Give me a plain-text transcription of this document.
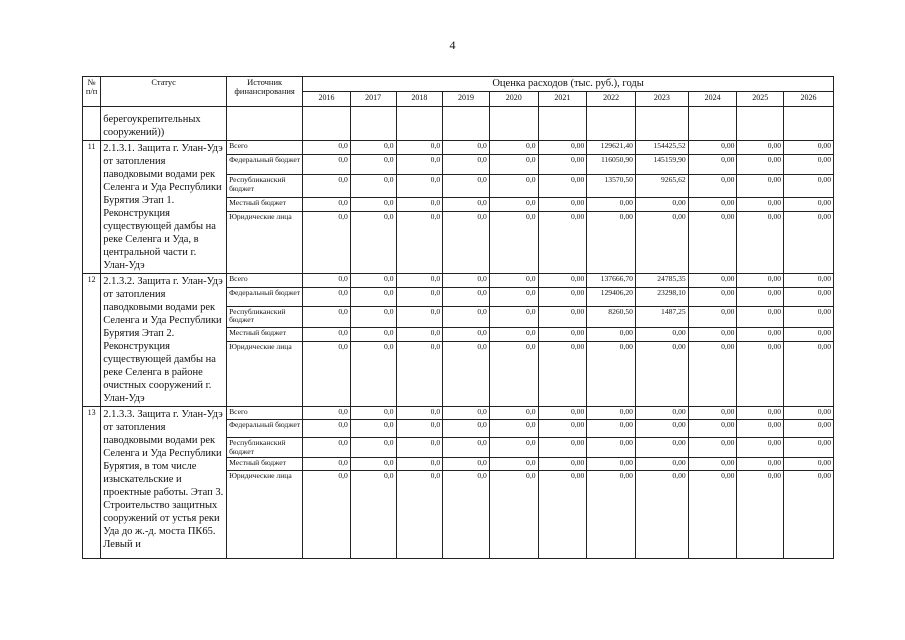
4
№ п/п	Статус	Источник финансирования	Оценка расходов (тыс. руб.), годы										
			2016	2017	2018	2019	2020	2021	2022	2023	2024	2025	2026
	берегоукрепительных сооружений))												
11	2.1.3.1. Защита г. Улан-Удэ от затопления паводковыми водами рек Селенга и Уда Республики Бурятия Этап 1. Реконструкция существующей дамбы на реке Селенга и Уда, в центральной части г. Улан-Удэ	Всего	0,0	0,0	0,0	0,0	0,0	0,00	129621,40	154425,52	0,00	0,00	0,00
		Федеральный бюджет	0,0	0,0	0,0	0,0	0,0	0,00	116050,90	145159,90	0,00	0,00	0,00
		Республиканский бюджет	0,0	0,0	0,0	0,0	0,0	0,00	13570,50	9265,62	0,00	0,00	0,00
		Местный бюджет	0,0	0,0	0,0	0,0	0,0	0,00	0,00	0,00	0,00	0,00	0,00
		Юридические лица	0,0	0,0	0,0	0,0	0,0	0,00	0,00	0,00	0,00	0,00	0,00
12	2.1.3.2. Защита г. Улан-Удэ от затопления паводковыми водами рек Селенга и Уда Республики Бурятия Этап 2. Реконструкция существующей дамбы на реке Селенга в районе очистных сооружений г. Улан-Удэ	Всего	0,0	0,0	0,0	0,0	0,0	0,00	137666,70	24785,35	0,00	0,00	0,00
		Федеральный бюджет	0,0	0,0	0,0	0,0	0,0	0,00	129406,20	23298,10	0,00	0,00	0,00
		Республиканский бюджет	0,0	0,0	0,0	0,0	0,0	0,00	8260,50	1487,25	0,00	0,00	0,00
		Местный бюджет	0,0	0,0	0,0	0,0	0,0	0,00	0,00	0,00	0,00	0,00	0,00
		Юридические лица	0,0	0,0	0,0	0,0	0,0	0,00	0,00	0,00	0,00	0,00	0,00
13	2.1.3.3. Защита г. Улан-Удэ от затопления паводковыми водами рек Селенга и Уда Республики Бурятия, в том числе изыскательские и проектные работы. Этап 3. Строительство защитных сооружений от устья реки Уда до ж.-д. моста ПК65. Левый и	Всего	0,0	0,0	0,0	0,0	0,0	0,00	0,00	0,00	0,00	0,00	0,00
		Федеральный бюджет	0,0	0,0	0,0	0,0	0,0	0,00	0,00	0,00	0,00	0,00	0,00
		Республиканский бюджет	0,0	0,0	0,0	0,0	0,0	0,00	0,00	0,00	0,00	0,00	0,00
		Местный бюджет	0,0	0,0	0,0	0,0	0,0	0,00	0,00	0,00	0,00	0,00	0,00
		Юридические лица	0,0	0,0	0,0	0,0	0,0	0,00	0,00	0,00	0,00	0,00	0,00
